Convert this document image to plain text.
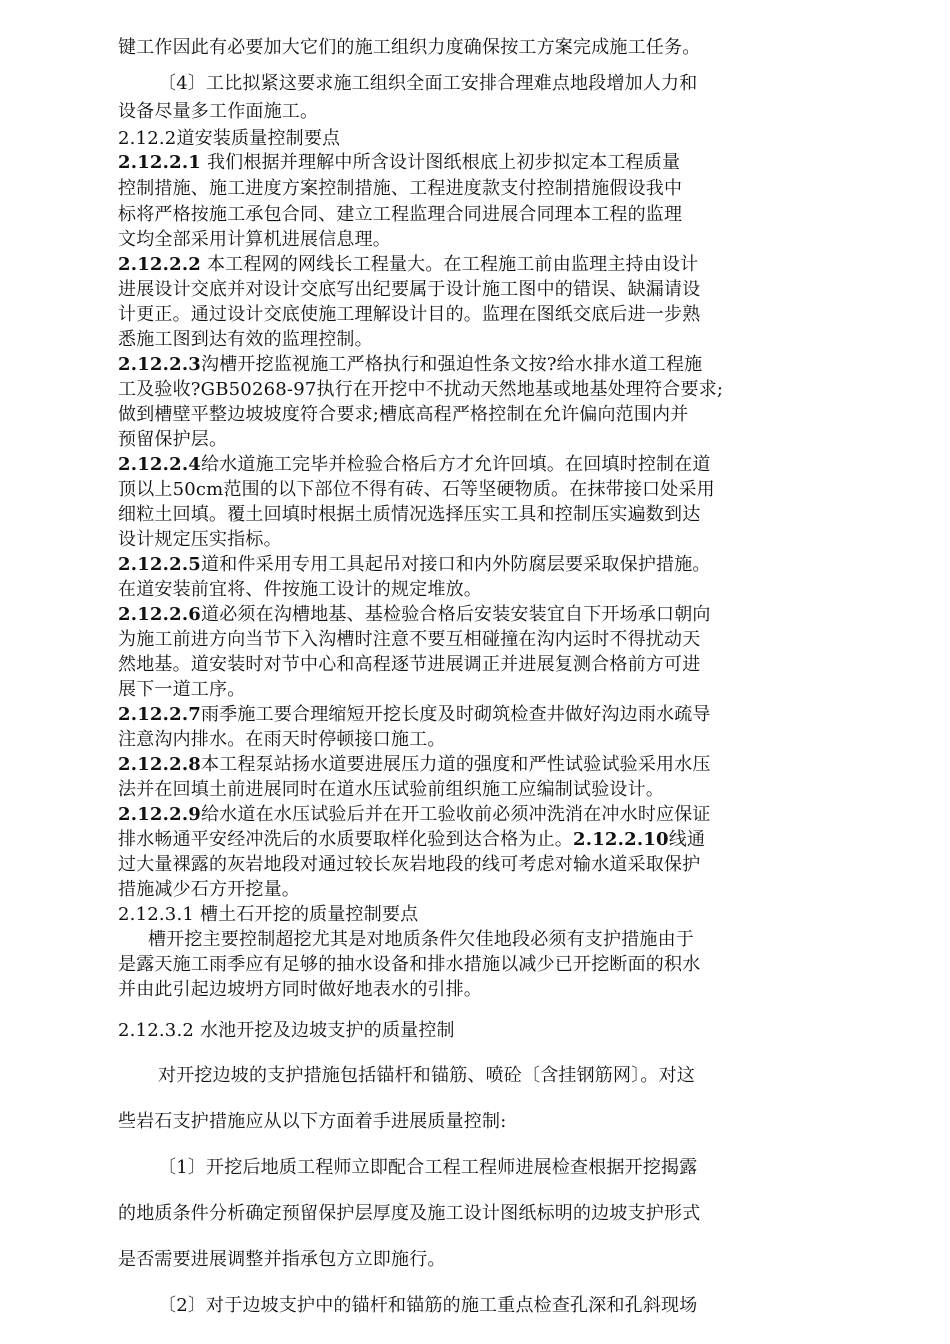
键工作因此有必要加大它们的施工组织力度确保按工方案完成施工任务。
〔4〕工比拟紧这要求施工组织全面工安排合理难点地段增加人力和
设备尽量多工作面施工。
2.12.2道安装质量控制要点
2.12.2.1 我们根据并理解中所含设计图纸根底上初步拟定本工程质量
控制措施、施工进度方案控制措施、工程进度款支付控制措施假设我中
标将严格按施工承包合同、建立工程监理合同进展合同理本工程的监理
文均全部采用计算机进展信息理。
2.12.2.2 本工程网的网线长工程量大。在工程施工前由监理主持由设计
进展设计交底并对设计交底写出纪要属于设计施工图中的错误、缺漏请设
计更正。通过设计交底使施工理解设计目的。监理在图纸交底后进一步熟
悉施工图到达有效的监理控制。
2.12.2.3沟槽开挖监视施工严格执行和强迫性条文按?给水排水道工程施
工及验收?GB50268-97执行在开挖中不扰动天然地基或地基处理符合要求;
做到槽壁平整边坡坡度符合要求;槽底高程严格控制在允许偏向范围内并
预留保护层。
2.12.2.4给水道施工完毕并检验合格后方才允许回填。在回填时控制在道
顶以上50cm范围的以下部位不得有砖、石等坚硬物质。在抹带接口处采用
细粒土回填。覆土回填时根据土质情况选择压实工具和控制压实遍数到达
设计规定压实指标。
2.12.2.5道和件采用专用工具起吊对接口和内外防腐层要采取保护措施。
在道安装前宜将、件按施工设计的规定堆放。
2.12.2.6道必须在沟槽地基、基检验合格后安装安装宜自下开场承口朝向
为施工前进方向当节下入沟槽时注意不要互相碰撞在沟内运时不得扰动天
然地基。道安装时对节中心和高程逐节进展调正并进展复测合格前方可进
展下一道工序。
2.12.2.7雨季施工要合理缩短开挖长度及时砌筑检查井做好沟边雨水疏导
注意沟内排水。在雨天时停顿接口施工。
2.12.2.8本工程泵站扬水道要进展压力道的强度和严性试验试验采用水压
法并在回填土前进展同时在道水压试验前组织施工应编制试验设计。
2.12.2.9给水道在水压试验后并在开工验收前必须冲洗消在冲水时应保证
排水畅通平安经冲洗后的水质要取样化验到达合格为止。2.12.2.10线通
过大量裸露的灰岩地段对通过较长灰岩地段的线可考虑对输水道采取保护
措施减少石方开挖量。
2.12.3.1 槽土石开挖的质量控制要点
槽开挖主要控制超挖尤其是对地质条件欠佳地段必须有支护措施由于
是露天施工雨季应有足够的抽水设备和排水措施以减少已开挖断面的积水
并由此引起边坡坍方同时做好地表水的引排。
2.12.3.2 水池开挖及边坡支护的质量控制
对开挖边坡的支护措施包括锚杆和锚筋、喷砼〔含挂钢筋网〕。对这
些岩石支护措施应从以下方面着手进展质量控制:
〔1〕开挖后地质工程师立即配合工程工程师进展检查根据开挖揭露
的地质条件分析确定预留保护层厚度及施工设计图纸标明的边坡支护形式
是否需要进展调整并指承包方立即施行。
〔2〕对于边坡支护中的锚杆和锚筋的施工重点检查孔深和孔斜现场
